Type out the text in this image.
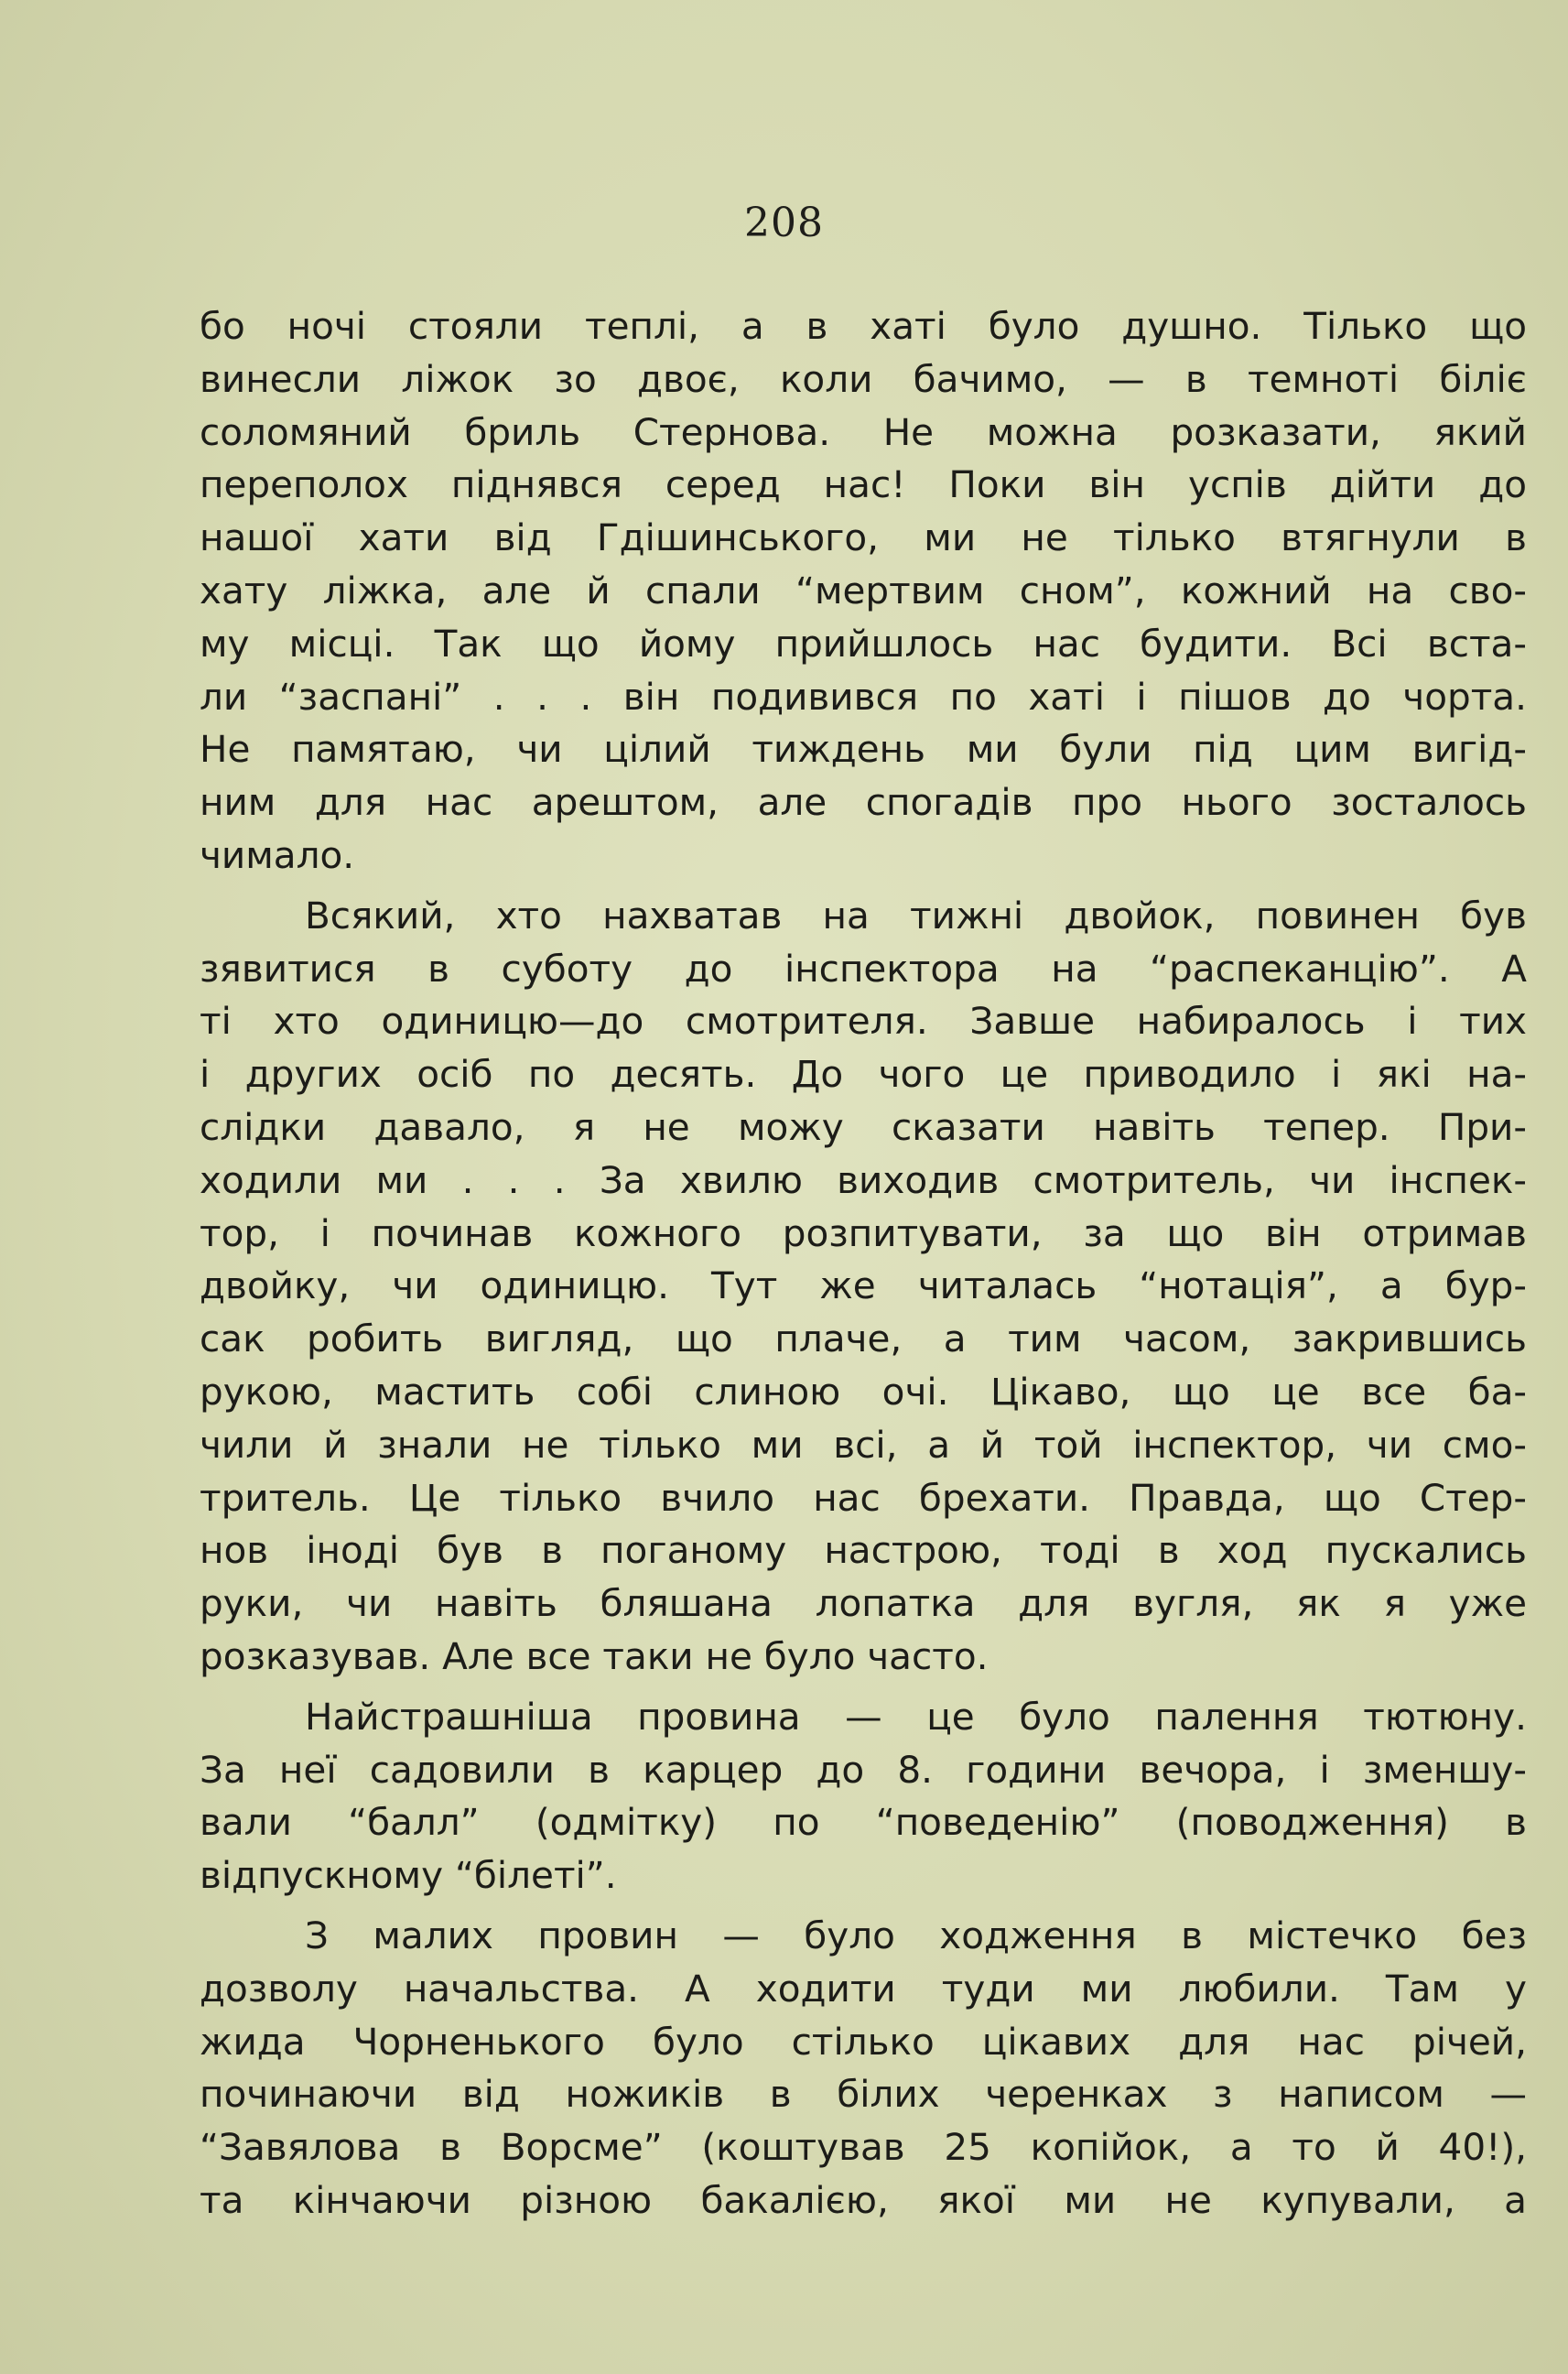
208
бо ночі стояли теплі, а в хаті було душно. Тілько що
винесли ліжок зо двоє, коли бачимо, — в темноті біліє
соломяний бриль Стернова. Не можна розказати, який
переполох піднявся серед нас! Поки він успів дійти до
нашої хати від Гдішинського, ми не тілько втягнули в
хату ліжка, але й спали “мертвим сном”, кожний на сво-
му місці. Так що йому прийшлось нас будити. Всі вста-
ли “заспані” . . . він подивився по хаті і пішов до чорта.
Не памятаю, чи цілий тиждень ми були під цим вигід-
ним для нас арештом, але спогадів про нього зосталось
чимало.
Всякий, хто нахватав на тижні двойок, повинен був
зявитися в суботу до інспектора на “распеканцію”. А
ті хто одиницю—до смотрителя. Завше набиралось і тих
і других осіб по десять. До чого це приводило і які на-
слідки давало, я не можу сказати навіть тепер. При-
ходили ми . . . За хвилю виходив смотритель, чи інспек-
тор, і починав кожного розпитувати, за що він отримав
двойку, чи одиницю. Тут же читалась “нотація”, а бур-
сак робить вигляд, що плаче, а тим часом, закрившись
рукою, мастить собі слиною очі. Цікаво, що це все ба-
чили й знали не тілько ми всі, а й той інспектор, чи смо-
тритель. Це тілько вчило нас брехати. Правда, що Стер-
нов іноді був в поганому настрою, тоді в ход пускались
руки, чи навіть бляшана лопатка для вугля, як я уже
розказував. Але все таки не було часто.
Найстрашніша провина — це було палення тютюну.
За неї садовили в карцер до 8. години вечора, і зменшу-
вали “балл” (одмітку) по “поведенію” (поводження) в
відпускному “білеті”.
З малих провин — було ходження в містечко без
дозволу начальства. А ходити туди ми любили. Там у
жида Чорненького було стілько цікавих для нас річей,
починаючи від ножиків в білих черенках з написом —
“Завялова в Ворсме” (коштував 25 копійок, а то й 40!),
та кінчаючи різною бакалією, якої ми не купували, а
